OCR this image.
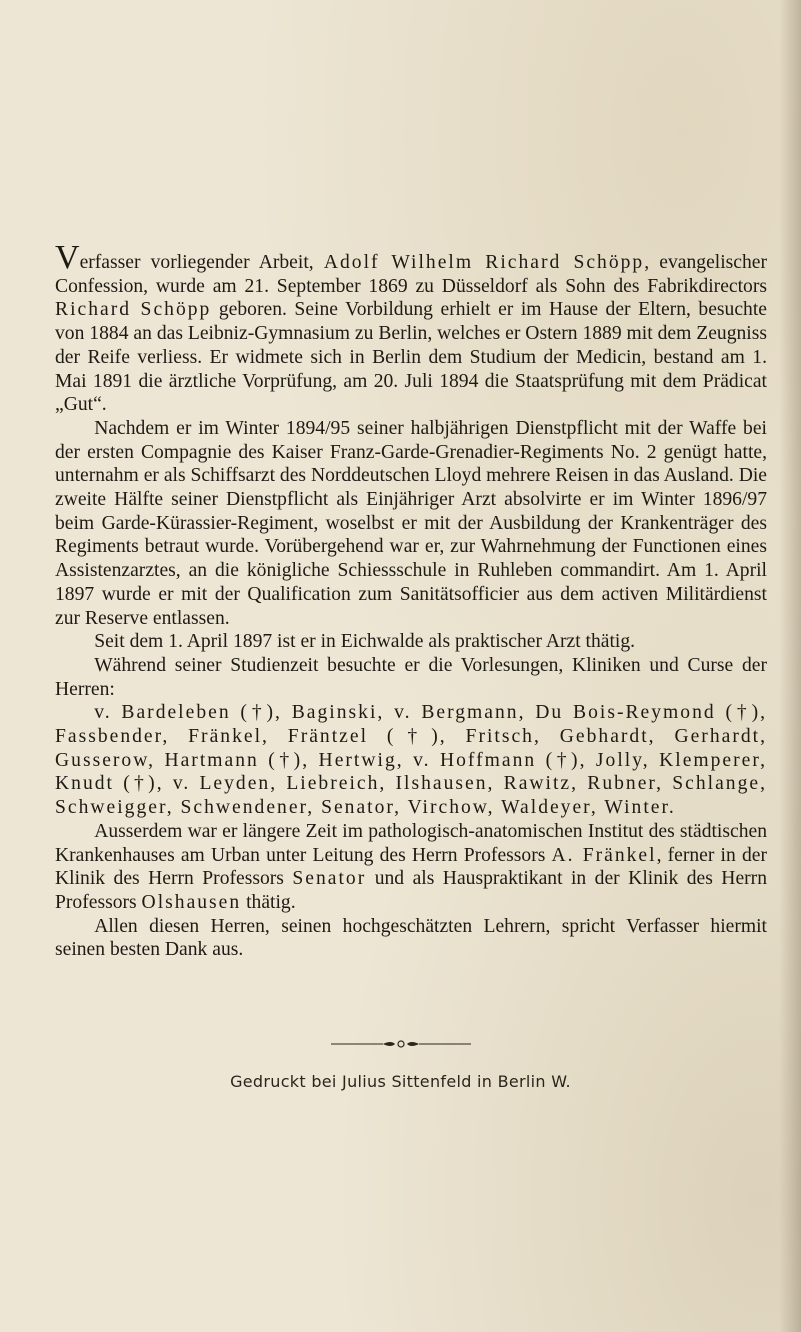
Verfasser vorliegender Arbeit, Adolf Wilhelm Richard Schöpp, evangelischer Confession, wurde am 21. September 1869 zu Düsseldorf als Sohn des Fabrikdirectors Richard Schöpp geboren. Seine Vorbildung erhielt er im Hause der Eltern, besuchte von 1884 an das Leibniz-Gymnasium zu Berlin, welches er Ostern 1889 mit dem Zeugniss der Reife verliess. Er widmete sich in Berlin dem Studium der Medicin, bestand am 1. Mai 1891 die ärztliche Vorprüfung, am 20. Juli 1894 die Staatsprüfung mit dem Prädicat „Gut“.

Nachdem er im Winter 1894/95 seiner halbjährigen Dienstpflicht mit der Waffe bei der ersten Compagnie des Kaiser Franz-Garde-Grenadier-Regiments No. 2 genügt hatte, unternahm er als Schiffsarzt des Norddeutschen Lloyd mehrere Reisen in das Ausland. Die zweite Hälfte seiner Dienstpflicht als Einjähriger Arzt absolvirte er im Winter 1896/97 beim Garde-Kürassier-Regiment, woselbst er mit der Ausbildung der Krankenträger des Regiments betraut wurde. Vorübergehend war er, zur Wahrnehmung der Functionen eines Assistenzarztes, an die königliche Schiessschule in Ruhleben commandirt. Am 1. April 1897 wurde er mit der Qualification zum Sanitätsofficier aus dem activen Militärdienst zur Reserve entlassen.

Seit dem 1. April 1897 ist er in Eichwalde als praktischer Arzt thätig.

Während seiner Studienzeit besuchte er die Vorlesungen, Kliniken und Curse der Herren:

v. Bardeleben (†), Baginski, v. Bergmann, Du Bois-Reymond (†), Fassbender, Fränkel, Fräntzel (†), Fritsch, Gebhardt, Gerhardt, Gusserow, Hartmann (†), Hertwig, v. Hoffmann (†), Jolly, Klemperer, Knudt (†), v. Leyden, Liebreich, Ilshausen, Rawitz, Rubner, Schlange, Schweigger, Schwendener, Senator, Virchow, Waldeyer, Winter.

Ausserdem war er längere Zeit im pathologisch-anatomischen Institut des städtischen Krankenhauses am Urban unter Leitung des Herrn Professors A. Fränkel, ferner in der Klinik des Herrn Professors Senator und als Hauspraktikant in der Klinik des Herrn Professors Olshausen thätig.

Allen diesen Herren, seinen hochgeschätzten Lehrern, spricht Verfasser hiermit seinen besten Dank aus.

Gedruckt bei Julius Sittenfeld in Berlin W.
